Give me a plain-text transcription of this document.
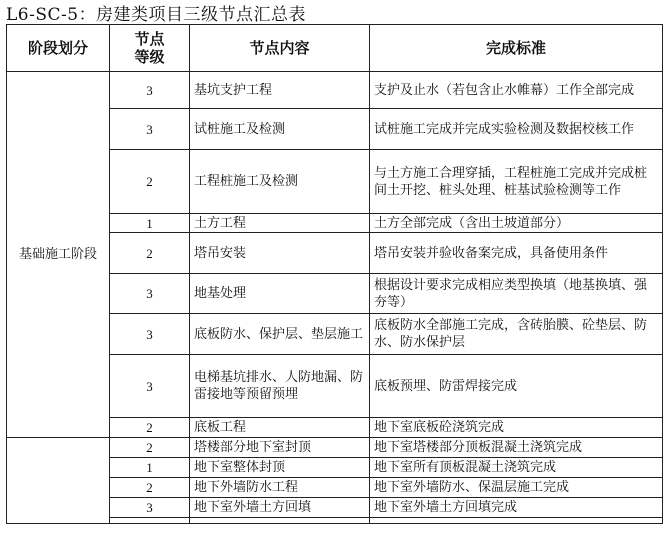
L6-SC-5：房建类项目三级节点汇总表
阶段划分	节点等级	节点内容	完成标准
基础施工阶段	3	基坑支护工程	支护及止水（若包含止水帷幕）工作全部完成
	3	试桩施工及检测	试桩施工完成并完成实验检测及数据校核工作
	2	工程桩施工及检测	与土方施工合理穿插，工程桩施工完成并完成桩间土开挖、桩头处理、桩基试验检测等工作
	1	土方工程	土方全部完成（含出土坡道部分）
	2	塔吊安装	塔吊安装并验收备案完成，具备使用条件
	3	地基处理	根据设计要求完成相应类型换填（地基换填、强夯等）
	3	底板防水、保护层、垫层施工	底板防水全部施工完成，含砖胎膜、砼垫层、防水、防水保护层
	3	电梯基坑排水、人防地漏、防雷接地等预留预埋	底板预埋、防雷焊接完成
	2	底板工程	地下室底板砼浇筑完成
	2	塔楼部分地下室封顶	地下室塔楼部分顶板混凝土浇筑完成
	1	地下室整体封顶	地下室所有顶板混凝土浇筑完成
	2	地下外墙防水工程	地下室外墙防水、保温层施工完成
	3	地下室外墙土方回填	地下室外墙土方回填完成
